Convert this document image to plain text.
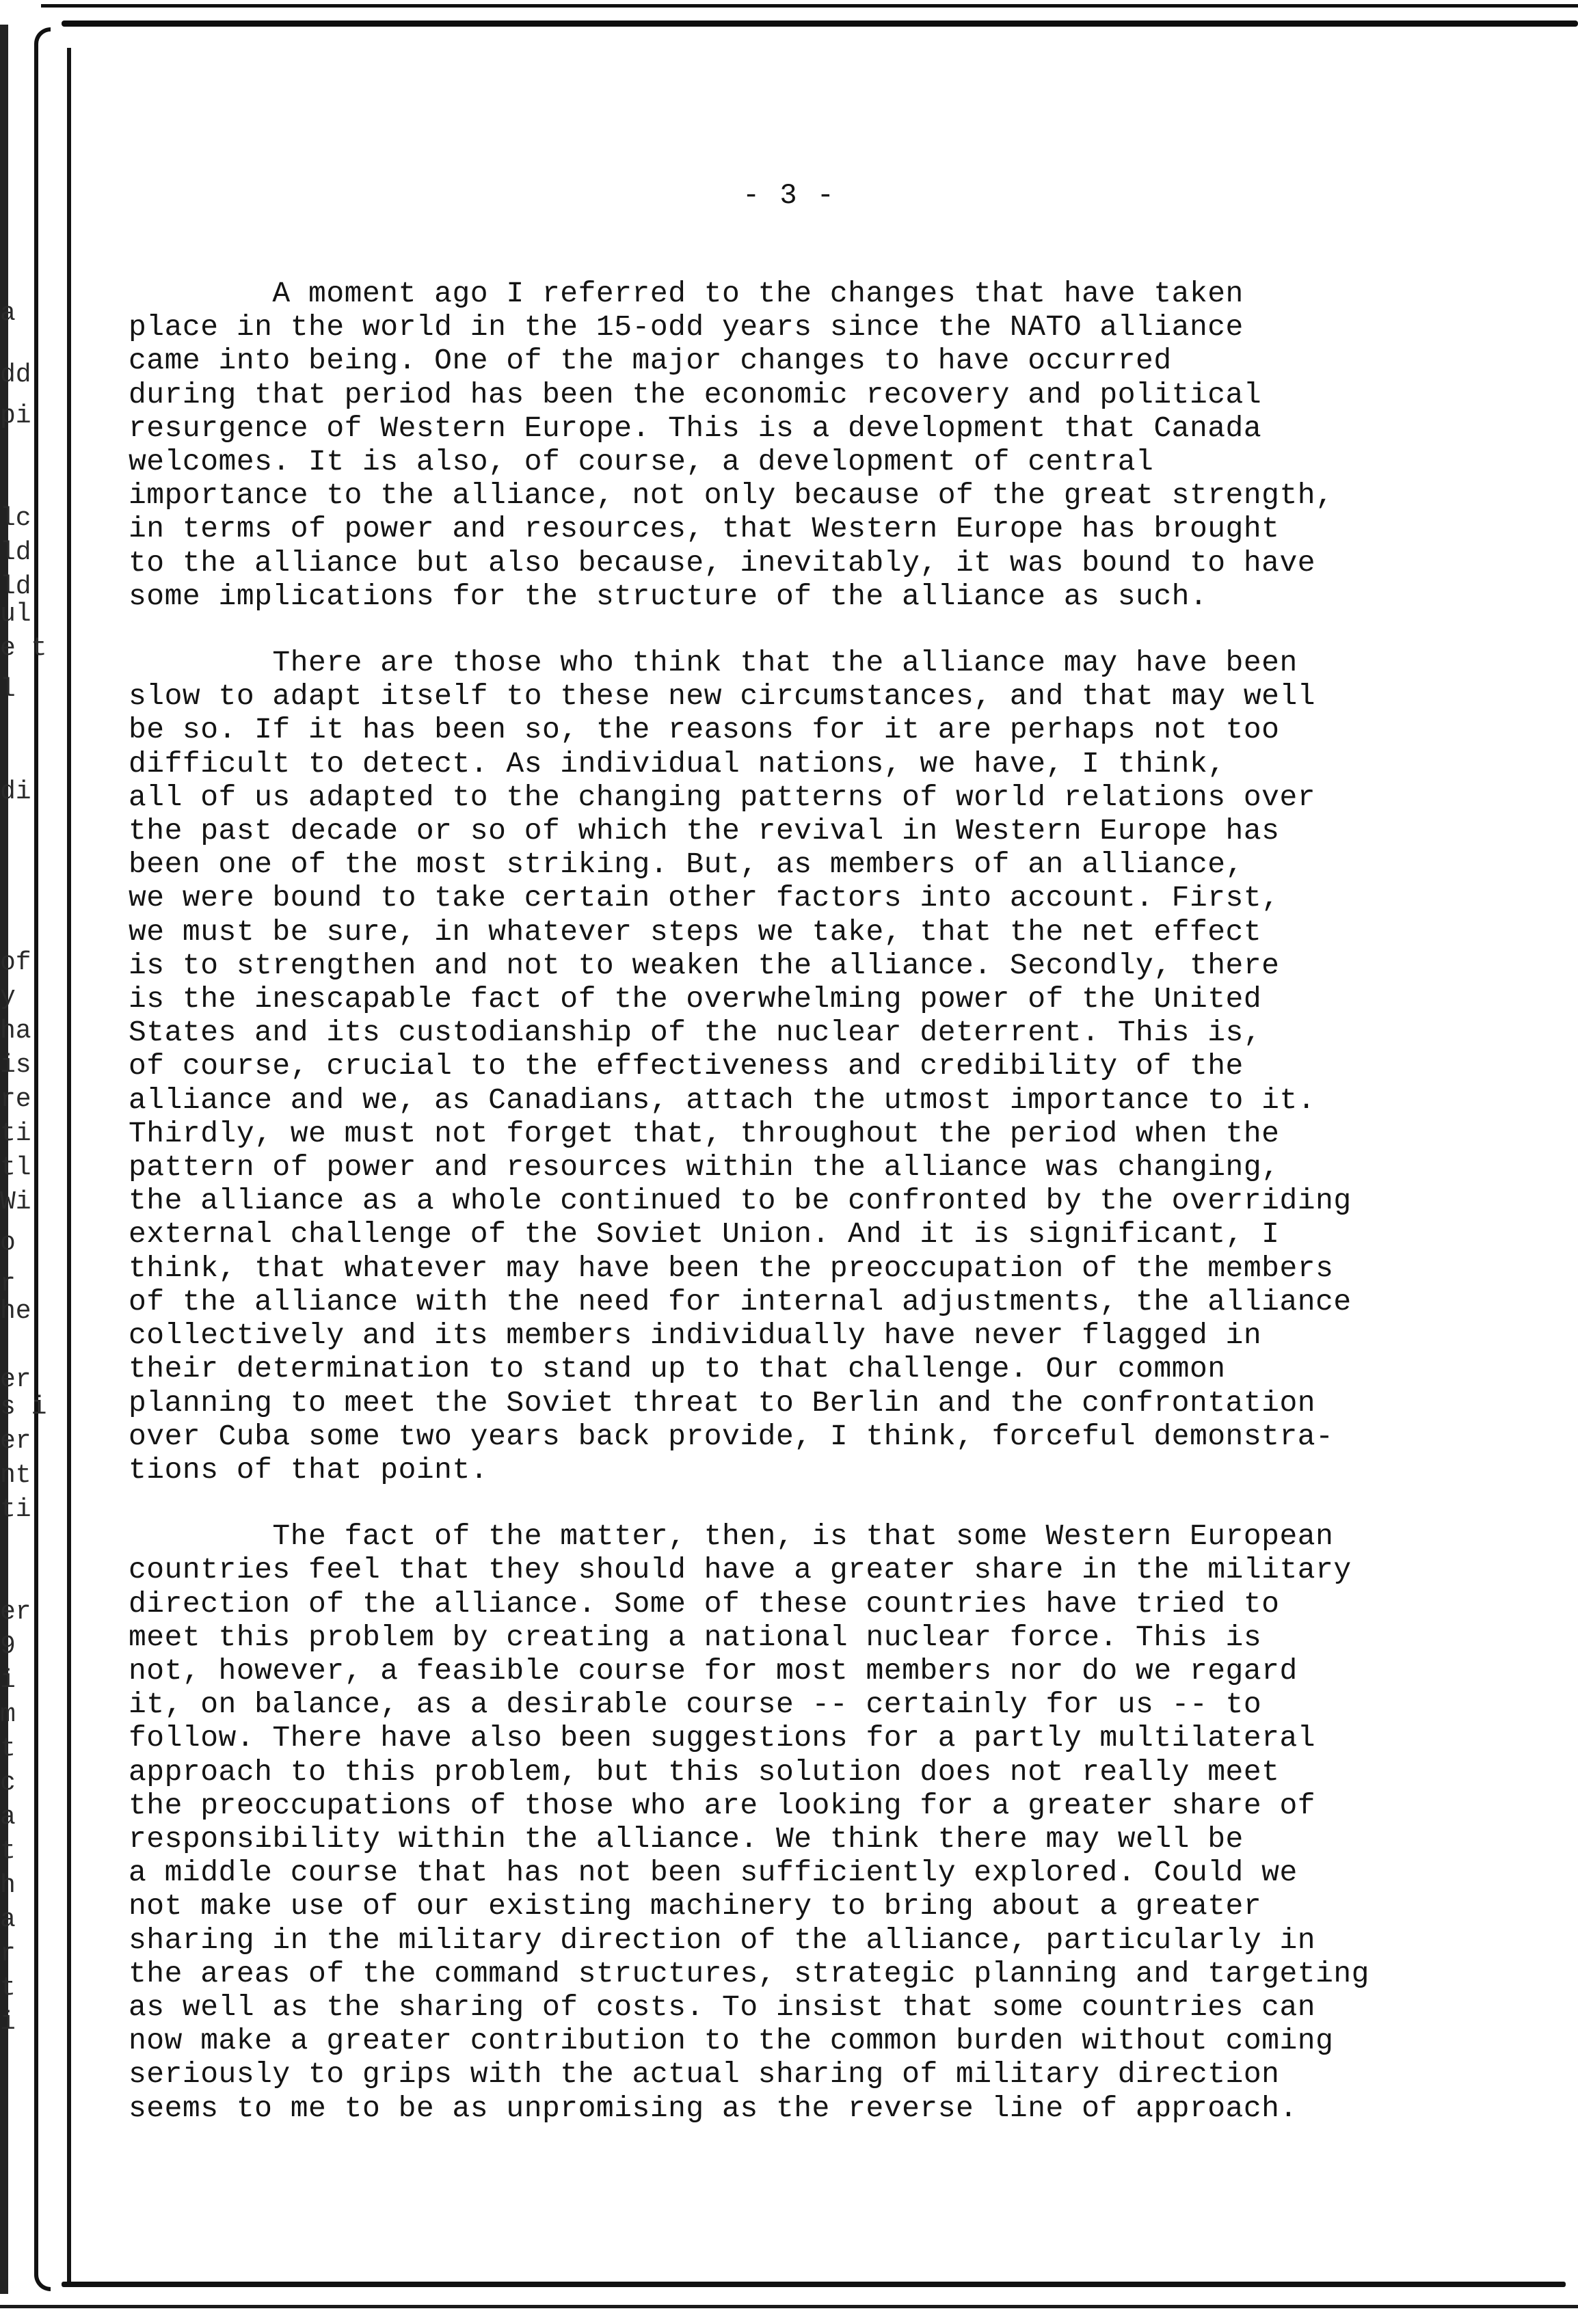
a
dd
pi
lc
ld
ld
ul
e t
l
di
of
y
ha
is
re
ti
tl
Wi
o
r
he
er
s i
er
nt
ti
er
9
i
m
t
c
a
t
h
a
r
t
i
- 3 -
A moment ago I referred to the changes that have taken
place in the world in the 15-odd years since the NATO alliance
came into being. One of the major changes to have occurred
during that period has been the economic recovery and political
resurgence of Western Europe. This is a development that Canada
welcomes. It is also, of course, a development of central
importance to the alliance, not only because of the great strength,
in terms of power and resources, that Western Europe has brought
to the alliance but also because, inevitably, it was bound to have
some implications for the structure of the alliance as such.
There are those who think that the alliance may have been
slow to adapt itself to these new circumstances, and that may well
be so. If it has been so, the reasons for it are perhaps not too
difficult to detect. As individual nations, we have, I think,
all of us adapted to the changing patterns of world relations over
the past decade or so of which the revival in Western Europe has
been one of the most striking. But, as members of an alliance,
we were bound to take certain other factors into account. First,
we must be sure, in whatever steps we take, that the net effect
is to strengthen and not to weaken the alliance. Secondly, there
is the inescapable fact of the overwhelming power of the United
States and its custodianship of the nuclear deterrent. This is,
of course, crucial to the effectiveness and credibility of the
alliance and we, as Canadians, attach the utmost importance to it.
Thirdly, we must not forget that, throughout the period when the
pattern of power and resources within the alliance was changing,
the alliance as a whole continued to be confronted by the overriding
external challenge of the Soviet Union. And it is significant, I
think, that whatever may have been the preoccupation of the members
of the alliance with the need for internal adjustments, the alliance
collectively and its members individually have never flagged in
their determination to stand up to that challenge. Our common
planning to meet the Soviet threat to Berlin and the confrontation
over Cuba some two years back provide, I think, forceful demonstra-
tions of that point.
The fact of the matter, then, is that some Western European
countries feel that they should have a greater share in the military
direction of the alliance. Some of these countries have tried to
meet this problem by creating a national nuclear force. This is
not, however, a feasible course for most members nor do we regard
it, on balance, as a desirable course -- certainly for us -- to
follow. There have also been suggestions for a partly multilateral
approach to this problem, but this solution does not really meet
the preoccupations of those who are looking for a greater share of
responsibility within the alliance. We think there may well be
a middle course that has not been sufficiently explored. Could we
not make use of our existing machinery to bring about a greater
sharing in the military direction of the alliance, particularly in
the areas of the command structures, strategic planning and targeting
as well as the sharing of costs. To insist that some countries can
now make a greater contribution to the common burden without coming
seriously to grips with the actual sharing of military direction
seems to me to be as unpromising as the reverse line of approach.
